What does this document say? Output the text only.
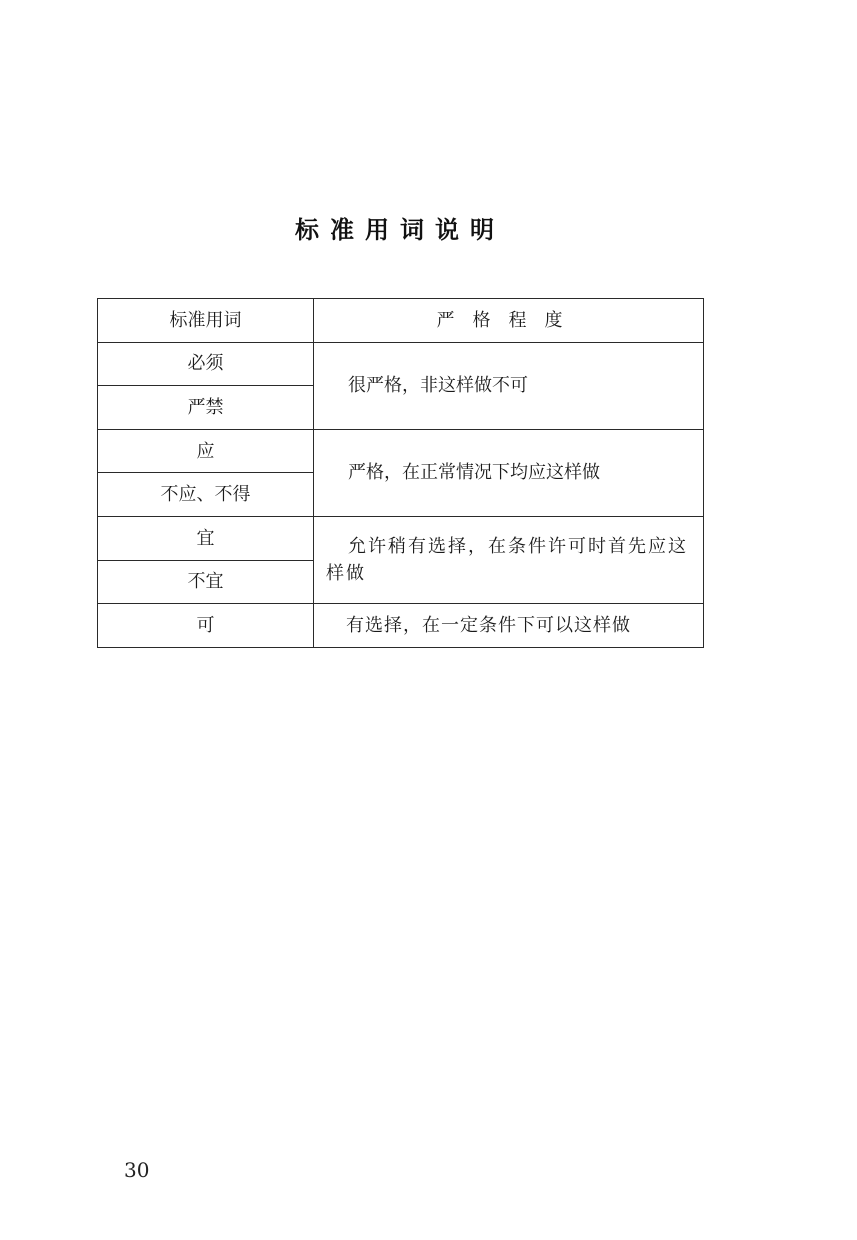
标准用词说明
标准用词	严格程度
必须	很严格，非这样做不可
严禁	
应	严格，在正常情况下均应这样做
不应、不得	
宜	允许稍有选择，在条件许可时首先应这样做
不宜	
可	有选择，在一定条件下可以这样做
30
